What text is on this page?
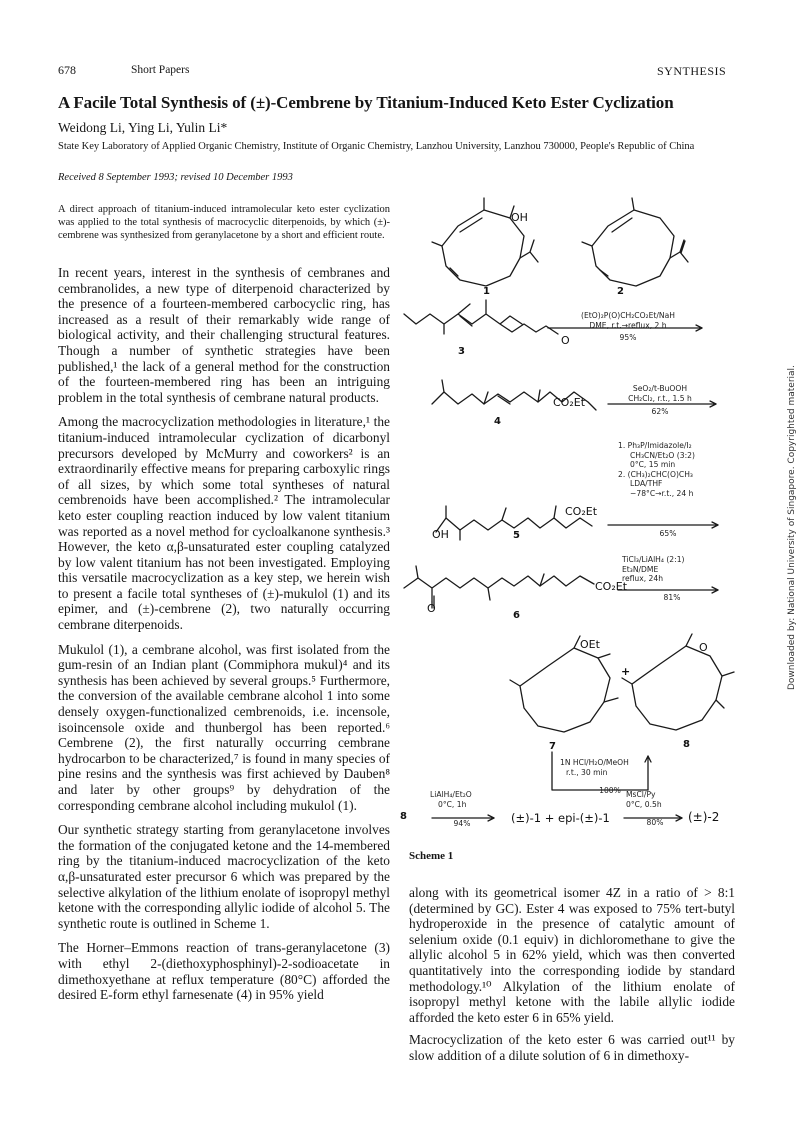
678	Short Papers	SYNTHESIS
A Facile Total Synthesis of (±)-Cembrene by Titanium-Induced Keto Ester Cyclization
Weidong Li, Ying Li, Yulin Li*
State Key Laboratory of Applied Organic Chemistry, Institute of Organic Chemistry, Lanzhou University, Lanzhou 730000, People's Republic of China
Received 8 September 1993; revised 10 December 1993
A direct approach of titanium-induced intramolecular keto ester cyclization was applied to the total synthesis of macrocyclic diterpenoids, by which (±)-cembrene was synthesized from geranylacetone by a short and efficient route.

In recent years, interest in the synthesis of cembranes and cembranolides, a new type of diterpenoid characterized by the presence of a fourteen-membered carbocyclic ring, has increased as a result of their remarkably wide range of biological activity, and their challenging structural features. Though a number of synthetic strategies have been published,¹ the lack of a general method for the construction of the fourteen-membered ring has been an intriguing problem in the total synthesis of cembrane natural products.

Among the macrocyclization methodologies in literature,¹ the titanium-induced intramolecular cyclization of dicarbonyl precursors developed by McMurry and coworkers² is an extraordinarily effective means for preparing carboxylic rings of all sizes, by which some total syntheses of natural cembrenoids have been accomplished.² The intramolecular keto ester coupling reaction induced by low valent titanium was reported as a novel method for cycloalkanone synthesis.³ However, the keto α,β-unsaturated ester coupling catalyzed by low valent titanium has not been investigated. Employing this versatile macrocyclization as a key step, we herein wish to present a facile total syntheses of (±)-mukulol (1) and its epimer, and (±)-cembrene (2), two naturally occurring cembrane diterpenoids.

Mukulol (1), a cembrane alcohol, was first isolated from the gum-resin of an Indian plant (Commiphora mukul)⁴ and its synthesis has been achieved by several groups.⁵ Furthermore, the conversion of the available cembrane alcohol 1 into some densely oxygen-functionalized cembrenoids, i.e. incensole, isoincensole oxide and thunbergol has been reported.⁶ Cembrene (2), the first naturally occurring cembrane hydrocarbon to be characterized,⁷ is found in many species of pine resins and the synthesis was first achieved by Dauben⁸ and later by other groups⁹ by dehydration of the corresponding cembrane alcohol including mukulol (1).

Our synthetic strategy starting from geranylacetone involves the formation of the conjugated ketone and the 14-membered ring by the titanium-induced macrocyclization of the keto α,β-unsaturated ester precursor 6 which was prepared by the selective alkylation of the lithium enolate of isopropyl methyl ketone with the corresponding allylic iodide of alcohol 5. The synthetic route is outlined in Scheme 1.

The Horner–Emmons reaction of trans-geranylacetone (3) with ethyl 2-(diethoxyphosphinyl)-2-sodioacetate in dimethoxyethane at reflux temperature (80°C) afforded the desired E-form ethyl farnesenate (4) in 95% yield

along with its geometrical isomer 4Z in a ratio of > 8:1 (determined by GC). Ester 4 was exposed to 75% tert-butyl hydroperoxide in the presence of catalytic amount of selenium oxide (0.1 equiv) in dichloromethane to give the allylic alcohol 5 in 62% yield, which was then converted quantitatively into the corresponding iodide by standard methodology.¹⁰ Alkylation of the lithium enolate of isopropyl methyl ketone with the labile allylic iodide afforded the keto ester 6 in 65% yield.

Macrocyclization of the keto ester 6 was carried out¹¹ by slow addition of a dilute solution of 6 in dimethoxy-

OH
1	2
O
3
(EtO)₂P(O)CH₂CO₂Et/NaH
DME, r.t.→reflux, 2 h
95%
CO₂Et
4
SeO₂/t-BuOOH
CH₂Cl₂, r.t., 1.5 h
62%
CO₂Et
OH	5
1. Ph₃P/Imidazole/I₂
CH₃CN/Et₂O (3:2)
0°C, 15 min
2. (CH₃)₂CHC(O)CH₃
LDA/THF
−78°C→r.t., 24 h
65%
CO₂Et
O
6
TiCl₃/LiAlH₄ (2:1)
Et₃N/DME
reflux, 24h
81%
OEt	O
+
7	8
1N HCl/H₂O/MeOH
r.t., 30 min
100%
8
LiAlH₄/Et₂O
0°C, 1h
94%	(±)-1 + epi-(±)-1
MsCl/Py
0°C, 0.5h
80%	(±)-2
Scheme 1
Downloaded by: National University of Singapore. Copyrighted material.
